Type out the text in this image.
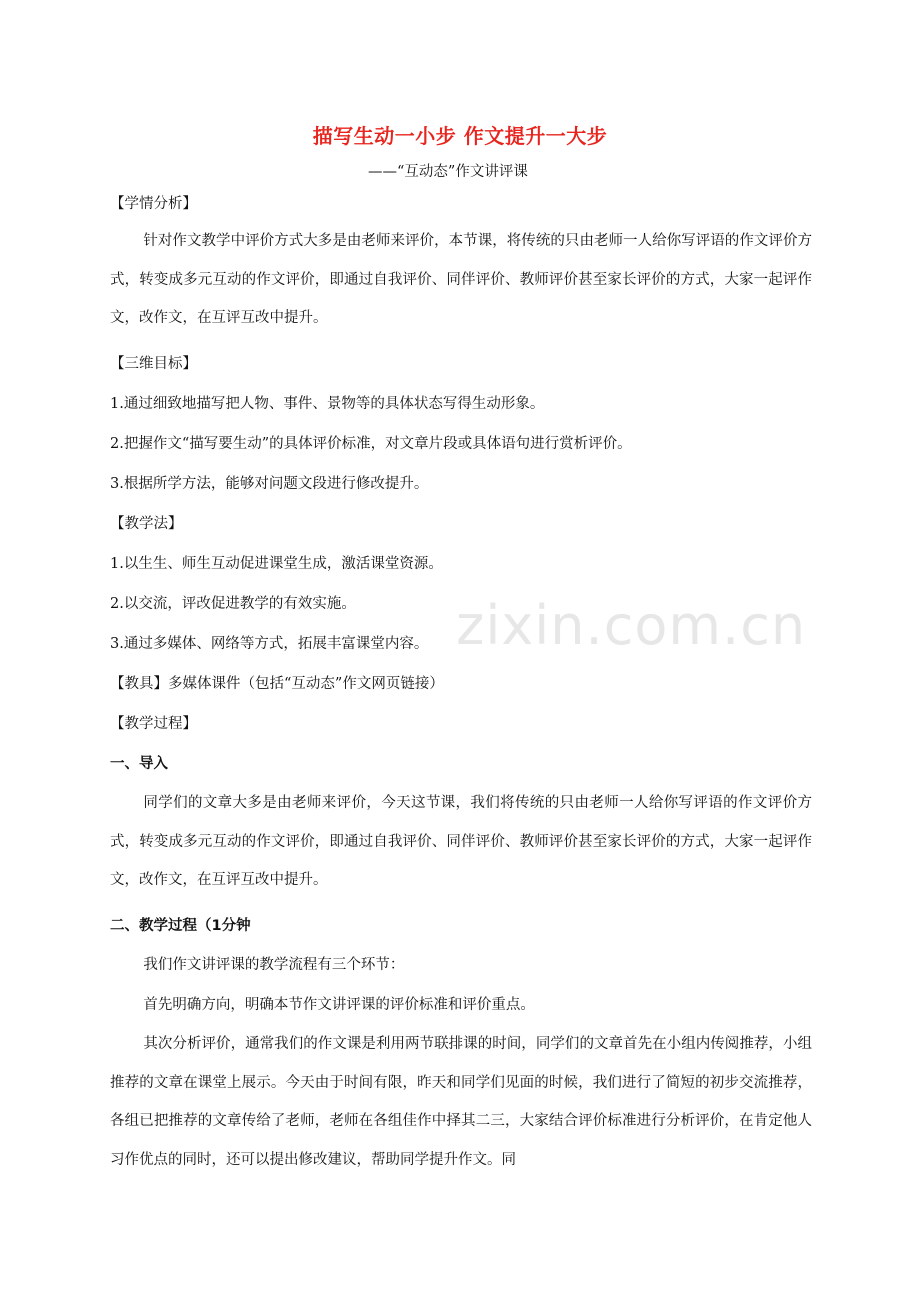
描写生动一小步 作文提升一大步
——“互动态”作文讲评课
【学情分析】
针对作文教学中评价方式大多是由老师来评价，本节课，将传统的只由老师一人给你写评语的作文评价方式，转变成多元互动的作文评价，即通过自我评价、同伴评价、教师评价甚至家长评价的方式，大家一起评作文，改作文，在互评互改中提升。
【三维目标】
1.通过细致地描写把人物、事件、景物等的具体状态写得生动形象。
2.把握作文“描写要生动”的具体评价标准，对文章片段或具体语句进行赏析评价。
3.根据所学方法，能够对问题文段进行修改提升。
【教学法】
1.以生生、师生互动促进课堂生成，激活课堂资源。
2.以交流，评改促进教学的有效实施。
3.通过多媒体、网络等方式，拓展丰富课堂内容。
【教具】多媒体课件（包括“互动态”作文网页链接）
【教学过程】
一、导入
同学们的文章大多是由老师来评价，今天这节课，我们将传统的只由老师一人给你写评语的作文评价方式，转变成多元互动的作文评价，即通过自我评价、同伴评价、教师评价甚至家长评价的方式，大家一起评作文，改作文，在互评互改中提升。
二、教学过程（1分钟
我们作文讲评课的教学流程有三个环节：
首先明确方向，明确本节作文讲评课的评价标准和评价重点。
其次分析评价，通常我们的作文课是利用两节联排课的时间，同学们的文章首先在小组内传阅推荐，小组推荐的文章在课堂上展示。今天由于时间有限，昨天和同学们见面的时候，我们进行了简短的初步交流推荐，各组已把推荐的文章传给了老师，老师在各组佳作中择其二三，大家结合评价标准进行分析评价，在肯定他人习作优点的同时，还可以提出修改建议，帮助同学提升作文。同
zixin.com.cn
